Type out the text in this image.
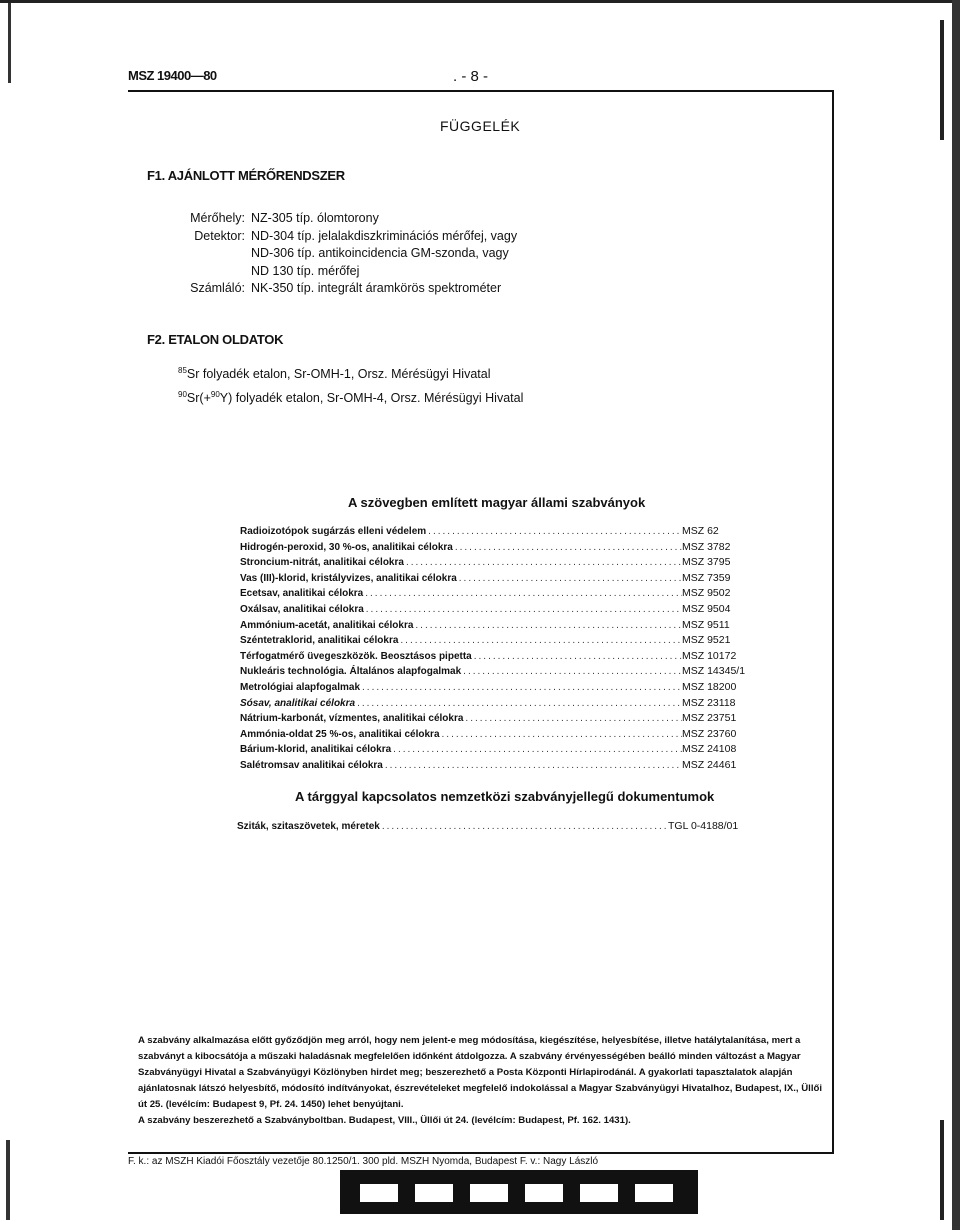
MSZ 19400—80	. - 8 -
FÜGGELÉK
F1. AJÁNLOTT MÉRŐRENDSZER
Mérőhely: NZ-305 típ. ólomtorony
Detektor: ND-304 típ. jelalakdiszkriminációs mérőfej, vagy
ND-306 típ. antikoincidencia GM-szonda, vagy
ND 130 típ. mérőfej
Számláló: NK-350 típ. integrált áramkörös spektrométer
F2. ETALON OLDATOK
$^{85}$Sr folyadék etalon, Sr-OMH-1, Orsz. Mérésügyi Hivatal
$^{90}$Sr(+$^{90}$Y) folyadék etalon, Sr-OMH-4, Orsz. Mérésügyi Hivatal
A szövegben említett magyar állami szabványok
Radioizotópok sugárzás elleni védelem .....	MSZ 62
Hidrogén-peroxid, 30 %-os, analitikai célokra .....	MSZ 3782
Stroncium-nitrát, analitikai célokra .....	MSZ 3795
Vas (III)-klorid, kristályvizes, analitikai célokra .....	MSZ 7359
Ecetsav, analitikai célokra .....	MSZ 9502
Oxálsav, analitikai célokra .....	MSZ 9504
Ammónium-acetát, analitikai célokra .....	MSZ 9511
Széntetraklorid, analitikai célokra .....	MSZ 9521
Térfogatmérő üvegeszközök. Beosztásos pipetta .....	MSZ 10172
Nukleáris technológia. Általános alapfogalmak .....	MSZ 14345/1
Metrológiai alapfogalmak .....	MSZ 18200
Sósav, analitikai célokra .....	MSZ 23118
Nátrium-karbonát, vízmentes, analitikai célokra .....	MSZ 23751
Ammónia-oldat 25 %-os, analitikai célokra .....	MSZ 23760
Bárium-klorid, analitikai célokra .....	MSZ 24108
Salétromsav analitikai célokra .....	MSZ 24461
A tárggyal kapcsolatos nemzetközi szabványjellegű dokumentumok
Sziták, szitaszövetek, méretek .....	TGL 0-4188/01

A szabvány alkalmazása előtt győződjön meg arról, hogy nem jelent-e meg módosítása, kiegészítése, helyesbítése, illetve hatálytalanítása, mert a szabványt a kibocsátója a műszaki haladásnak megfelelően időnként átdolgozza. A szabvány érvényességében beálló minden változást a Magyar Szabványügyi Hivatal a Szabványügyi Közlönyben hirdet meg; beszerezhető a Posta Központi Hírlapirodánál. A gyakorlati tapasztalatok alapján ajánlatosnak látszó helyesbítő, módosító indítványokat, észrevételeket megfelelő indokolással a Magyar Szabványügyi Hivatalhoz, Budapest, IX., Üllői út 25. (levélcím: Budapest 9, Pf. 24. 1450) lehet benyújtani.

A szabvány beszerezhető a Szabványboltban. Budapest, VIII., Üllői út 24. (levélcím: Budapest, Pf. 162. 1431).

F. k.: az MSZH Kiadói Főosztály vezetője 80.1250/1. 300 pld. MSZH Nyomda, Budapest F. v.: Nagy László
